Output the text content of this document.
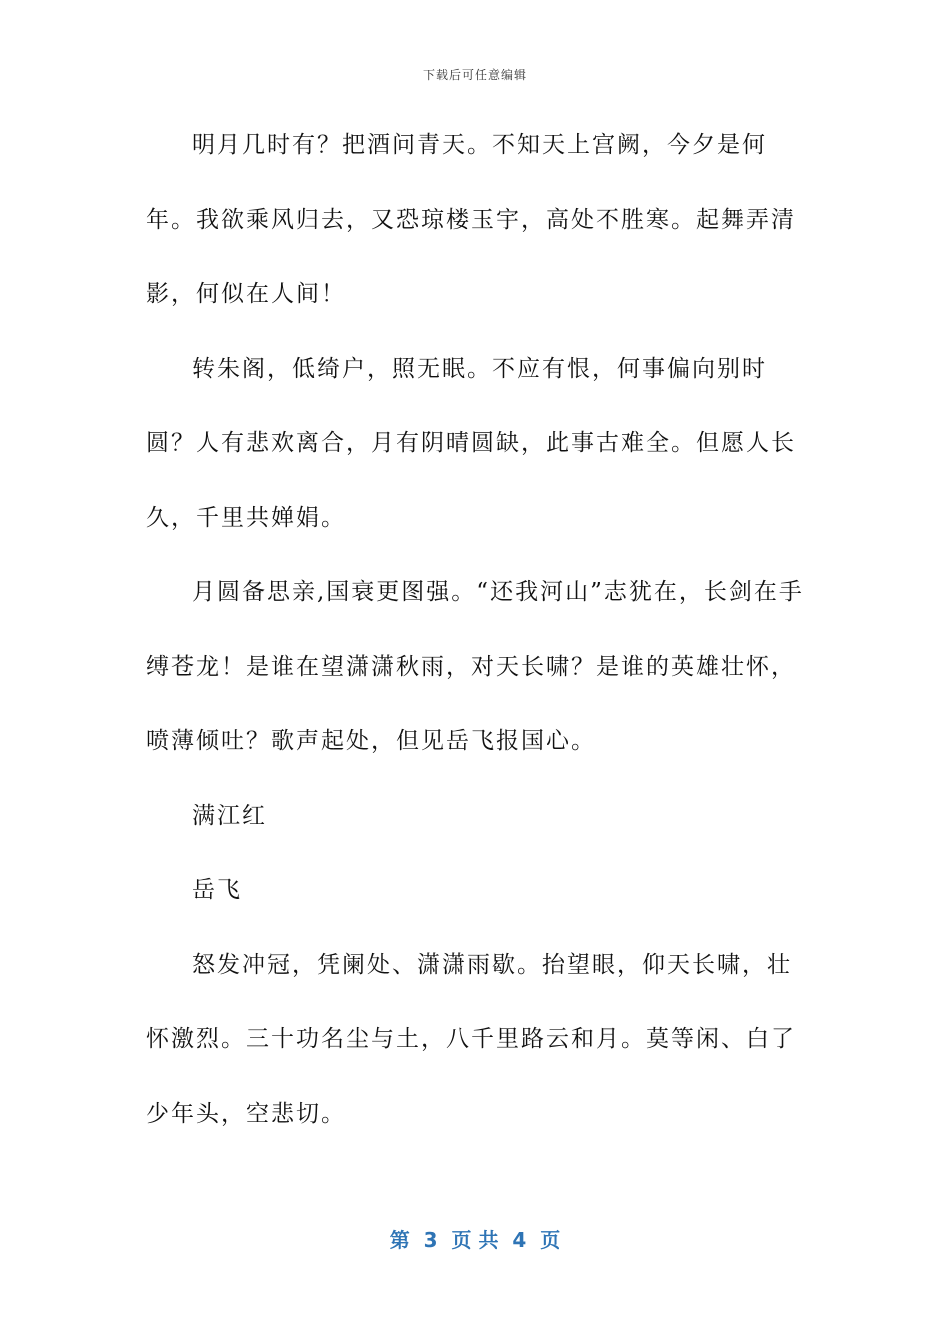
下载后可任意编辑

明月几时有？把酒问青天。不知天上宫阙，今夕是何年。我欲乘风归去，又恐琼楼玉宇，高处不胜寒。起舞弄清影，何似在人间！

转朱阁，低绮户，照无眠。不应有恨，何事偏向别时圆？人有悲欢离合，月有阴晴圆缺，此事古难全。但愿人长久，千里共婵娟。

月圆备思亲,国衰更图强。“还我河山”志犹在，长剑在手缚苍龙！是谁在望潇潇秋雨，对天长啸？是谁的英雄壮怀，喷薄倾吐？歌声起处，但见岳飞报国心。

满江红

岳飞

怒发冲冠，凭阑处、潇潇雨歇。抬望眼，仰天长啸，壮怀激烈。三十功名尘与土，八千里路云和月。莫等闲、白了少年头，空悲切。

第  3  页 共  4  页
